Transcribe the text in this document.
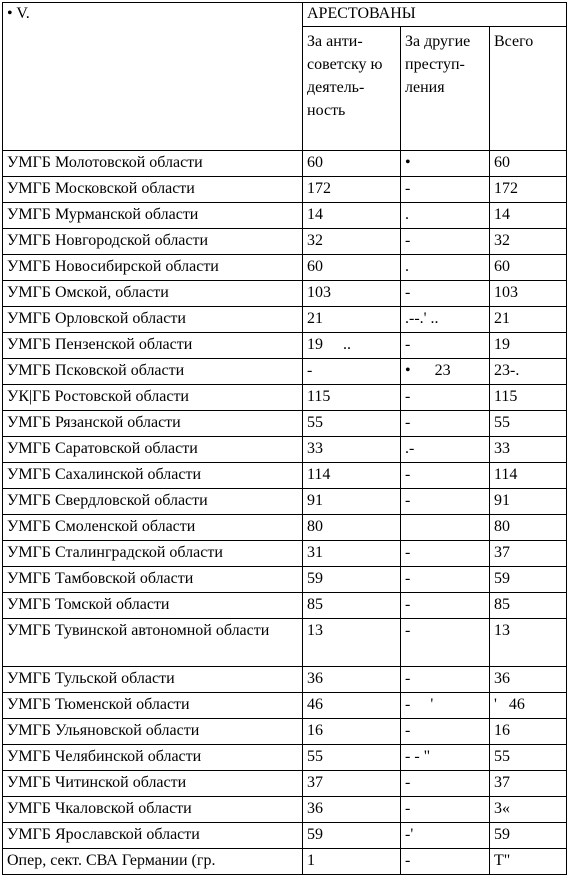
• V.	АРЕСТОВАНЫ		
	За анти-советску ю деятель-ность	За другие преступ-ления	Всего
УМГБ Молотовской области	60	•	60
УМГБ Московской области	172	-	172
УМГБ Мурманской области	14	.	14
УМГБ Новгородской области	32	-	32
УМГБ Новосибирской области	60	.	60
УМГБ Омской, области	103	-	103
УМГБ Орловской области	21	.--.' ..	21
УМГБ Пензенской области	19     ..	-	19
УМГБ Псковской области	-	•      23	23-.
УК|ГБ Ростовской области	115	-	115
УМГБ Рязанской области	55	-	55
УМГБ Саратовской области	33	.-	33
УМГБ Сахалинской области	114	-	114
УМГБ Свердловской области	91	-	91
УМГБ Смоленской области	80		80
УМГБ Сталинградской области	31	-	37
УМГБ Тамбовской области	59	-	59
УМГБ Томской области	85	-	85
УМГБ Тувинской автономной области	13	-	13
УМГБ Тульской области	36	-	36
УМГБ Тюменской области	46	-     '	'   46
УМГБ Ульяновской области	16	-	16
УМГБ Челябинской области	55	- - "	55
УМГБ Читинской области	37	-	37
УМГБ Чкаловской области	36	-	3«
УМГБ Ярославской области	59	-'	59
Опер, сект. СВА Германии (гр.	1	-	Т"
